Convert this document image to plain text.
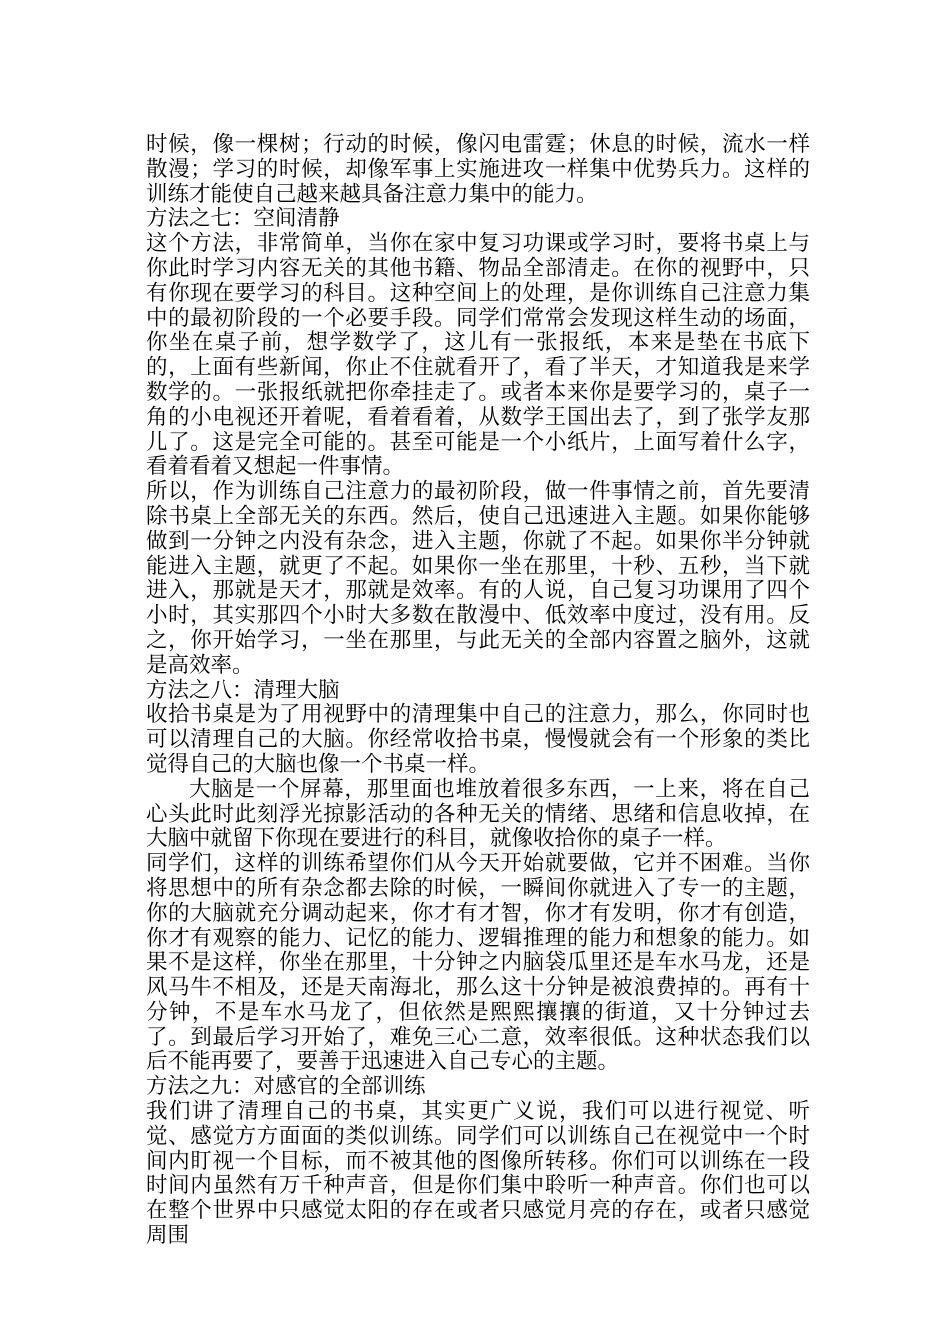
时候，像一棵树；行动的时候，像闪电雷霆；休息的时候，流水一样散漫；学习的时候，却像军事上实施进攻一样集中优势兵力。这样的训练才能使自己越来越具备注意力集中的能力。

方法之七：空间清静

这个方法，非常简单，当你在家中复习功课或学习时，要将书桌上与你此时学习内容无关的其他书籍、物品全部清走。在你的视野中，只有你现在要学习的科目。这种空间上的处理，是你训练自己注意力集中的最初阶段的一个必要手段。同学们常常会发现这样生动的场面，你坐在桌子前，想学数学了，这儿有一张报纸，本来是垫在书底下的，上面有些新闻，你止不住就看开了，看了半天，才知道我是来学数学的。一张报纸就把你牵挂走了。或者本来你是要学习的，桌子一角的小电视还开着呢，看着看着，从数学王国出去了，到了张学友那儿了。这是完全可能的。甚至可能是一个小纸片，上面写着什么字，看着看着又想起一件事情。

所以，作为训练自己注意力的最初阶段，做一件事情之前，首先要清除书桌上全部无关的东西。然后，使自己迅速进入主题。如果你能够做到一分钟之内没有杂念，进入主题，你就了不起。如果你半分钟就能进入主题，就更了不起。如果你一坐在那里，十秒、五秒，当下就进入，那就是天才，那就是效率。有的人说，自己复习功课用了四个小时，其实那四个小时大多数在散漫中、低效率中度过，没有用。反之，你开始学习，一坐在那里，与此无关的全部内容置之脑外，这就是高效率。

方法之八：清理大脑

收拾书桌是为了用视野中的清理集中自己的注意力，那么，你同时也可以清理自己的大脑。你经常收拾书桌，慢慢就会有一个形象的类比觉得自己的大脑也像一个书桌一样。

大脑是一个屏幕，那里面也堆放着很多东西，一上来，将在自己心头此时此刻浮光掠影活动的各种无关的情绪、思绪和信息收掉，在大脑中就留下你现在要进行的科目，就像收拾你的桌子一样。

同学们，这样的训练希望你们从今天开始就要做，它并不困难。当你将思想中的所有杂念都去除的时候，一瞬间你就进入了专一的主题，你的大脑就充分调动起来，你才有才智，你才有发明，你才有创造，你才有观察的能力、记忆的能力、逻辑推理的能力和想象的能力。如果不是这样，你坐在那里，十分钟之内脑袋瓜里还是车水马龙，还是风马牛不相及，还是天南海北，那么这十分钟是被浪费掉的。再有十分钟，不是车水马龙了，但依然是熙熙攘攘的街道，又十分钟过去了。到最后学习开始了，难免三心二意，效率很低。这种状态我们以后不能再要了，要善于迅速进入自己专心的主题。

方法之九：对感官的全部训练

我们讲了清理自己的书桌，其实更广义说，我们可以进行视觉、听觉、感觉方方面面的类似训练。同学们可以训练自己在视觉中一个时间内盯视一个目标，而不被其他的图像所转移。你们可以训练在一段时间内虽然有万千种声音，但是你们集中聆听一种声音。你们也可以在整个世界中只感觉太阳的存在或者只感觉月亮的存在，或者只感觉周围
